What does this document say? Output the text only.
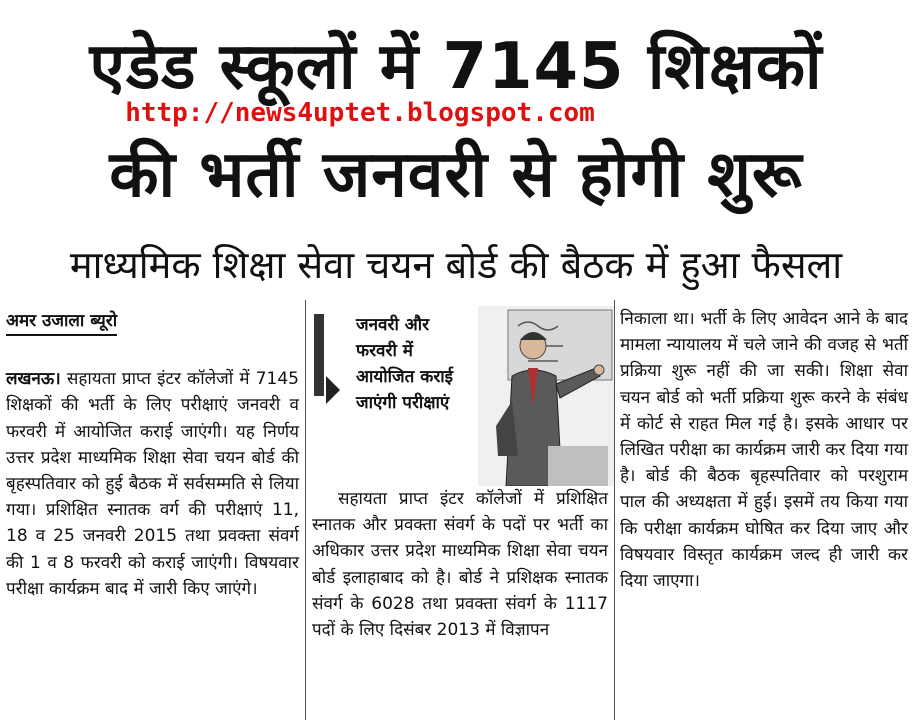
एडेड स्कूलों में 7145 शिक्षकों
http://news4uptet.blogspot.com
की भर्ती जनवरी से होगी शुरू
माध्यमिक शिक्षा सेवा चयन बोर्ड की बैठक में हुआ फैसला
अमर उजाला ब्यूरो

लखनऊ। सहायता प्राप्त इंटर कॉलेजों में 7145 शिक्षकों की भर्ती के लिए परीक्षाएं जनवरी व फरवरी में आयोजित कराई जाएंगी। यह निर्णय उत्तर प्रदेश माध्यमिक शिक्षा सेवा चयन बोर्ड की बृहस्पतिवार को हुई बैठक में सर्वसम्मति से लिया गया। प्रशिक्षित स्नातक वर्ग की परीक्षाएं 11, 18 व 25 जनवरी 2015 तथा प्रवक्ता संवर्ग की 1 व 8 फरवरी को कराई जाएंगी। विषयवार परीक्षा कार्यक्रम बाद में जारी किए जाएंगे।

जनवरी और फरवरी में आयोजित कराई जाएंगी परीक्षाएं

सहायता प्राप्त इंटर कॉलेजों में प्रशिक्षित स्नातक और प्रवक्ता संवर्ग के पदों पर भर्ती का अधिकार उत्तर प्रदेश माध्यमिक शिक्षा सेवा चयन बोर्ड इलाहाबाद को है। बोर्ड ने प्रशिक्षक स्नातक संवर्ग के 6028 तथा प्रवक्ता संवर्ग के 1117 पदों के लिए दिसंबर 2013 में विज्ञापन

निकाला था। भर्ती के लिए आवेदन आने के बाद मामला न्यायालय में चले जाने की वजह से भर्ती प्रक्रिया शुरू नहीं की जा सकी। शिक्षा सेवा चयन बोर्ड को भर्ती प्रक्रिया शुरू करने के संबंध में कोर्ट से राहत मिल गई है। इसके आधार पर लिखित परीक्षा का कार्यक्रम जारी कर दिया गया है। बोर्ड की बैठक बृहस्पतिवार को परशुराम पाल की अध्यक्षता में हुई। इसमें तय किया गया कि परीक्षा कार्यक्रम घोषित कर दिया जाए और विषयवार विस्तृत कार्यक्रम जल्द ही जारी कर दिया जाएगा।
